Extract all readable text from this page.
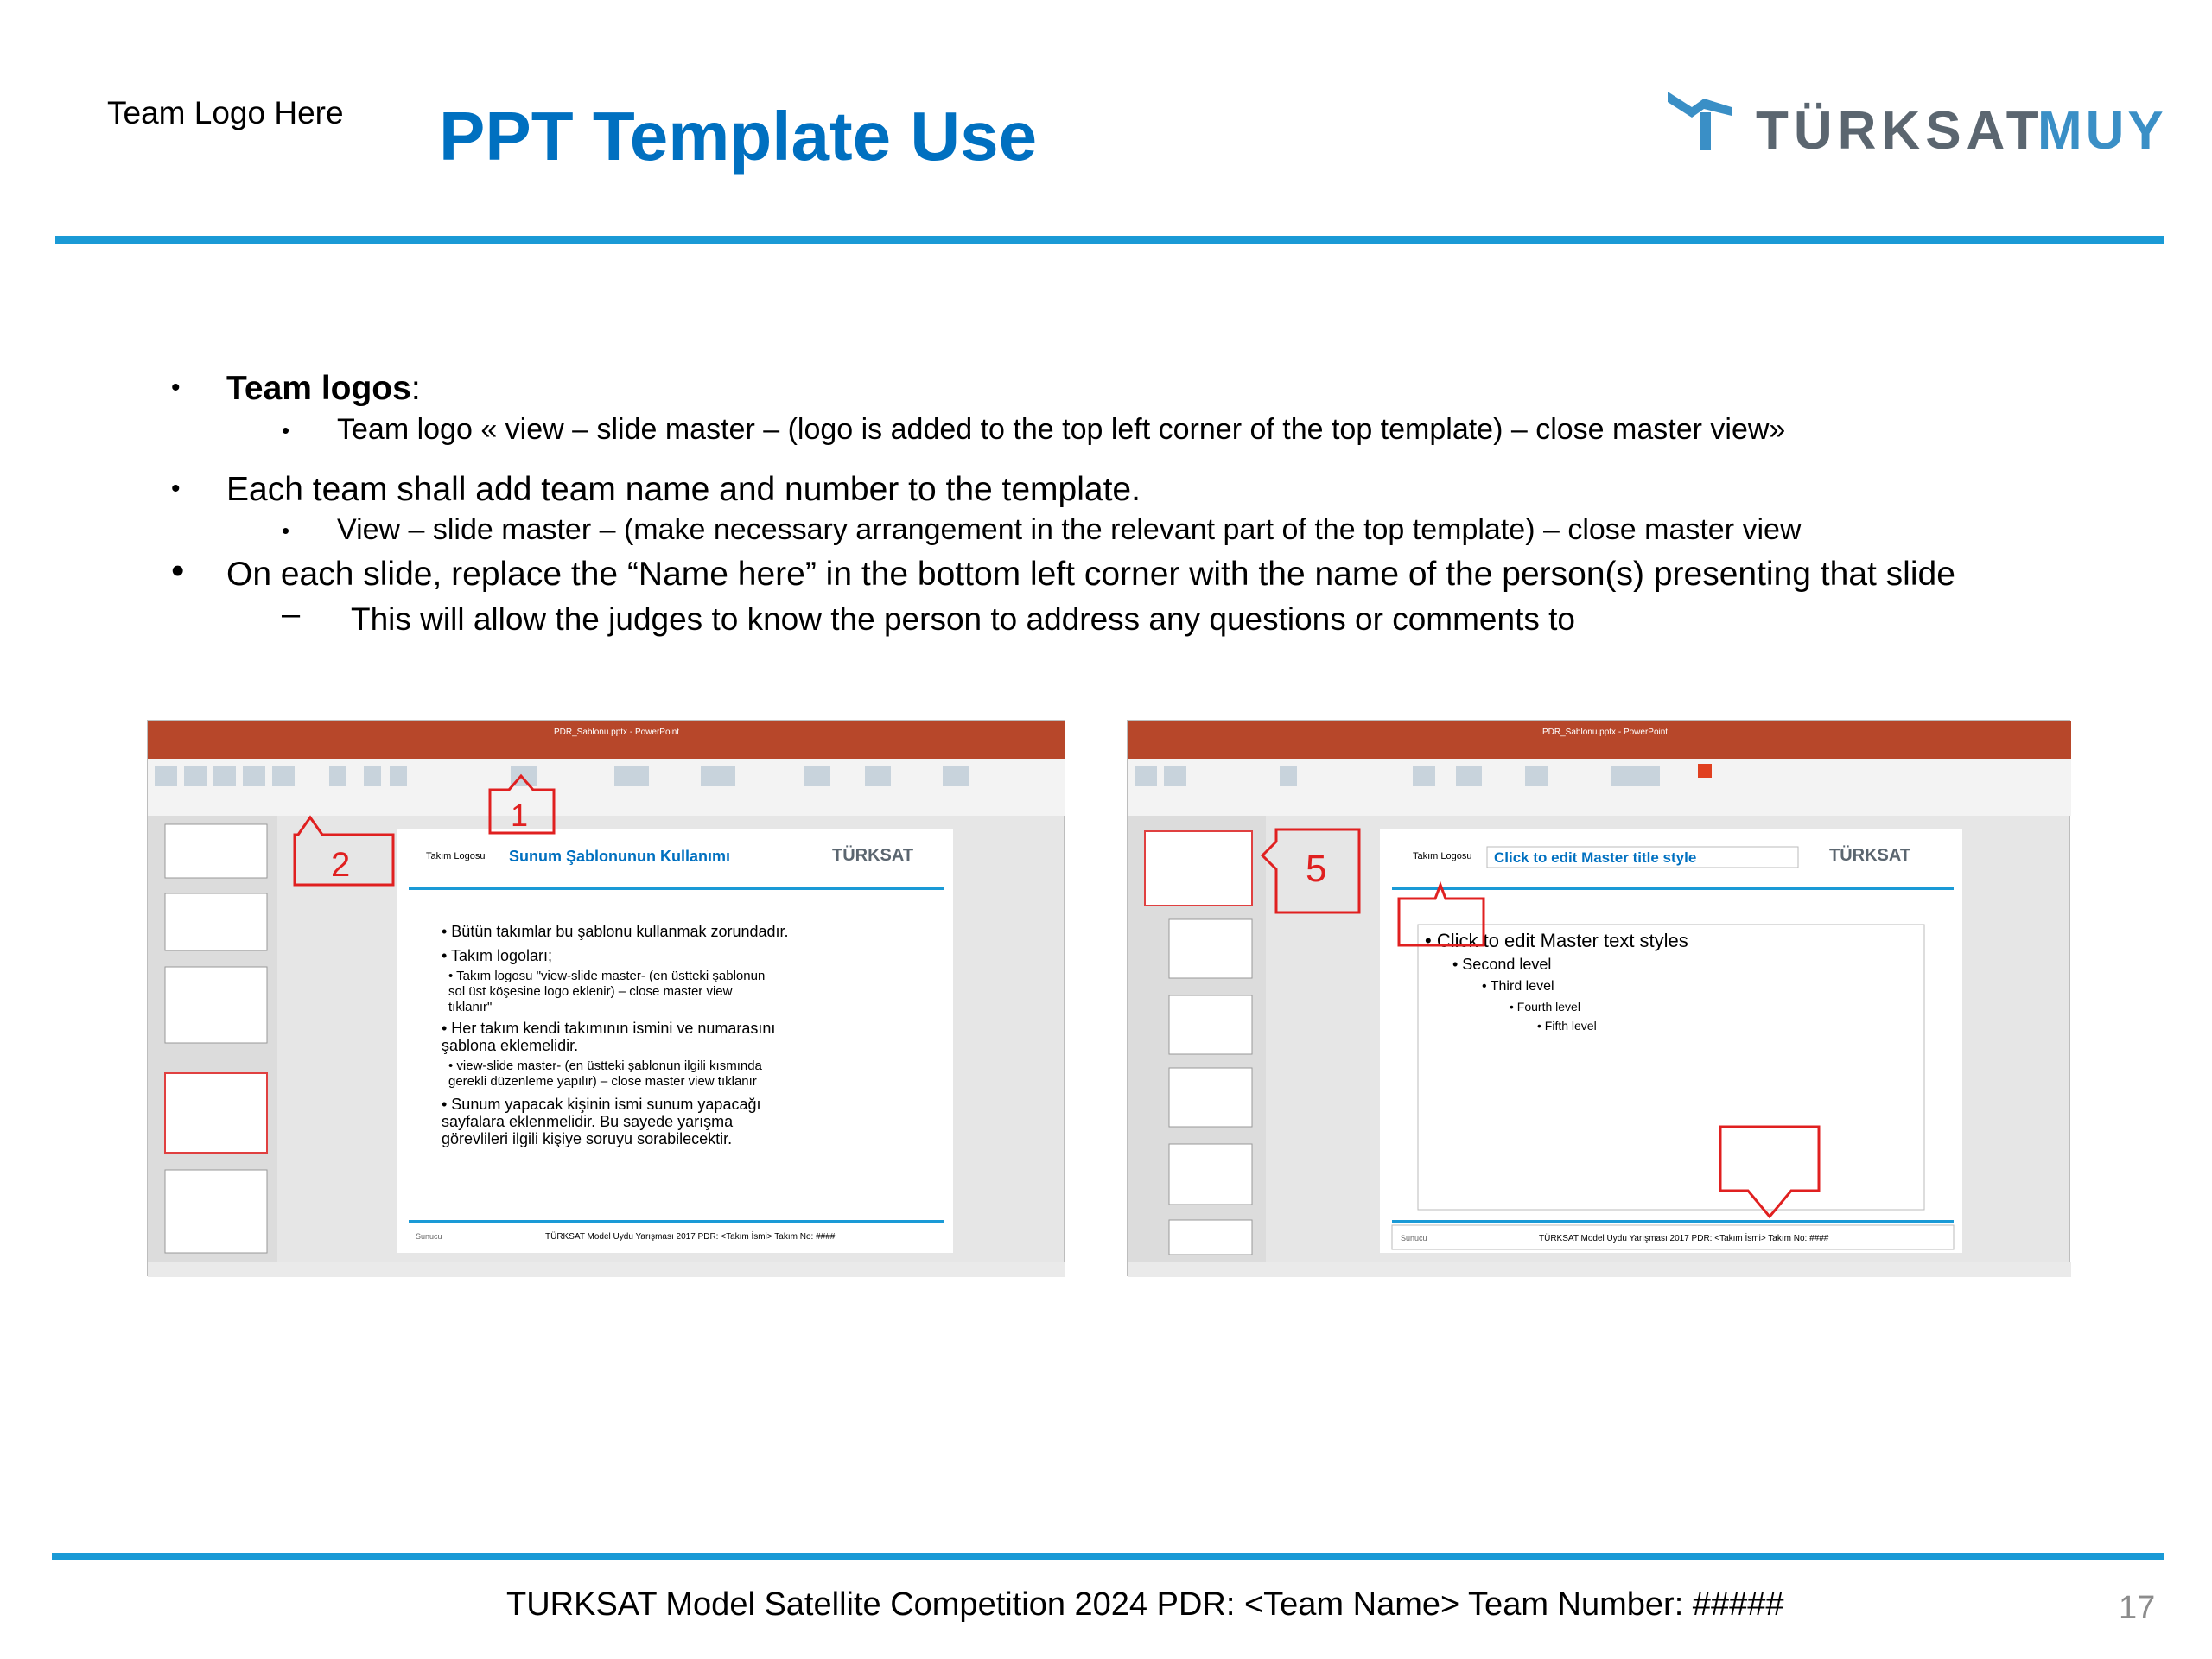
Team Logo Here PPT Template Use	TÜRKSAT
MUY
• Team logos:
• Team logo « view – slide master – (logo is added to the top left corner of the top template) – close master view»
• Each team shall add team name and number to the template.
• View – slide master – (make necessary arrangement in the relevant part of the top template) – close master view
• On each slide, replace the “Name here” in the bottom left corner with the name of the person(s) presenting that slide
– This will allow the judges to know the person to address any questions or comments to
PDR_Sablonu.pptx - PowerPoint
Takım Logosu Sunum Şablonunun Kullanımı	TÜRKSAT
• Bütün takımlar bu şablonu kullanmak zorundadır.
• Takım logoları;
• Takım logosu "view-slide master- (en üstteki şablonun
sol üst köşesine logo eklenir) – close master view
tıklanır"
• Her takım kendi takımının ismini ve numarasını
şablona eklemelidir.
• view-slide master- (en üstteki şablonun ilgili kısmında
gerekli düzenleme yapılır) – close master view tıklanır
• Sunum yapacak kişinin ismi sunum yapacağı
sayfalara eklenmelidir. Bu sayede yarışma
görevlileri ilgili kişiye soruyu sorabilecektir.
Sunucu	TÜRKSAT Model Uydu Yarışması 2017 PDR: <Takım İsmi> Takım No: ####
1
2
PDR_Sablonu.pptx - PowerPoint
Takım Logosu Click to edit Master title style	TÜRKSAT
• Click to edit Master text styles
• Second level
• Third level
• Fourth level
• Fifth level
Sunucu	TÜRKSAT Model Uydu Yarışması 2017 PDR: <Takım İsmi> Takım No: ####
5
TURKSAT Model Satellite Competition 2024 PDR: <Team Name> Team Number: #####	17
